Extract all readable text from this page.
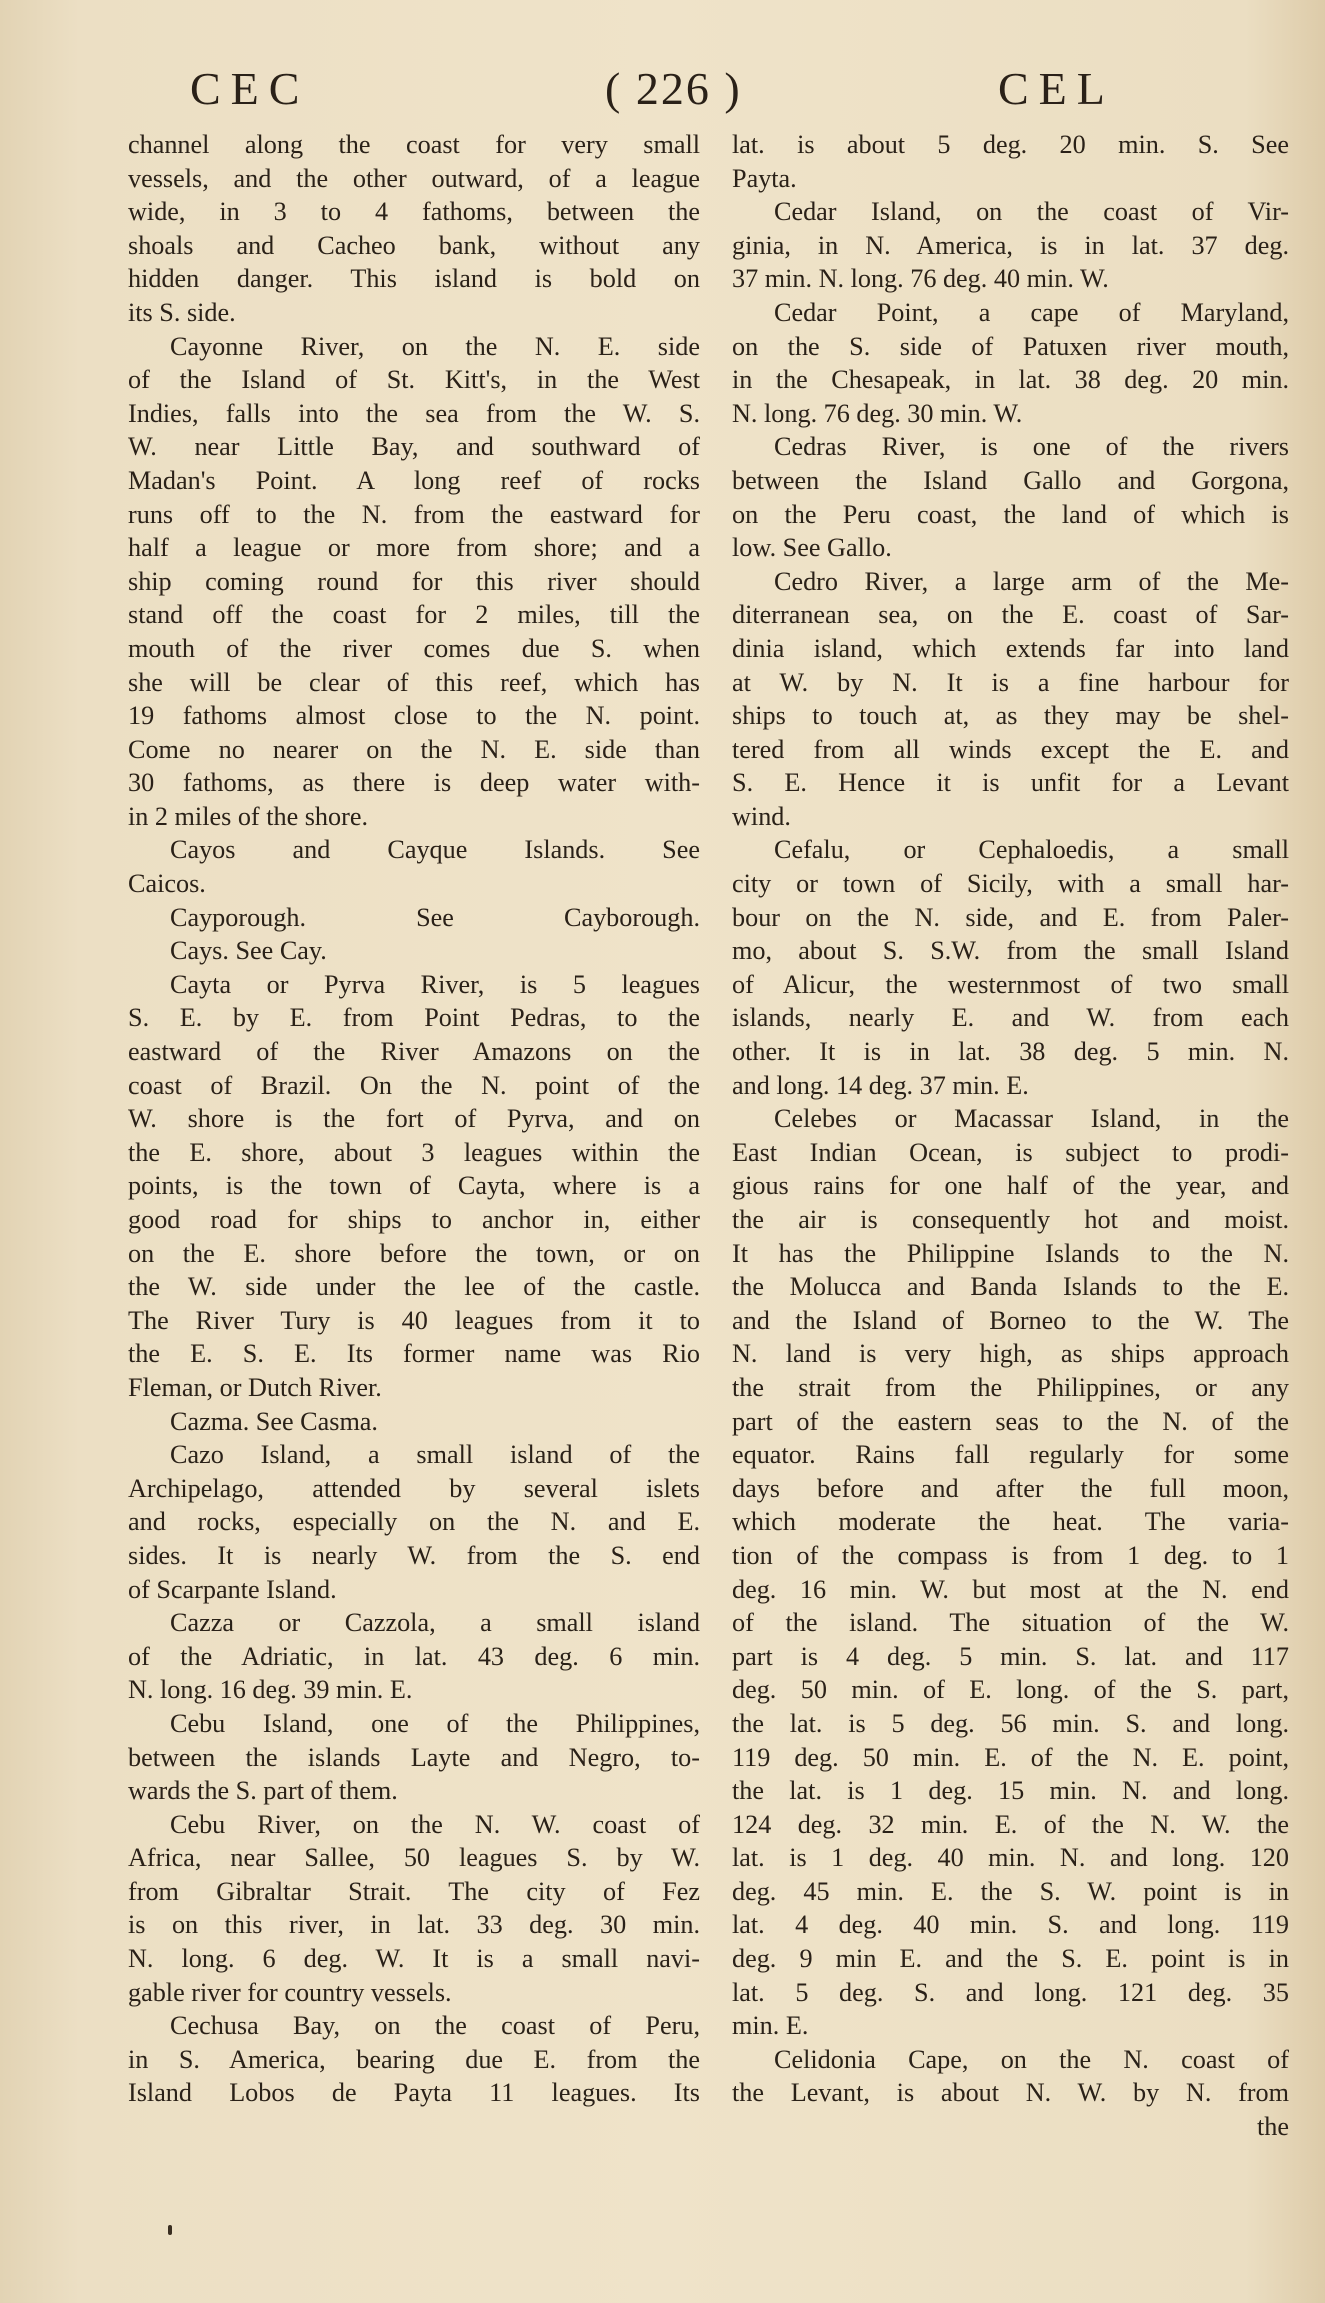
CEC	( 226 )	CEL
channel along the coast for very small
vessels, and the other outward, of a league
wide, in 3 to 4 fathoms, between the
shoals and Cacheo bank, without any
hidden danger. This island is bold on
its S. side.
Cayonne River, on the N. E. side
of the Island of St. Kitt's, in the West
Indies, falls into the sea from the W. S.
W. near Little Bay, and southward of
Madan's Point. A long reef of rocks
runs off to the N. from the eastward for
half a league or more from shore; and a
ship coming round for this river should
stand off the coast for 2 miles, till the
mouth of the river comes due S. when
she will be clear of this reef, which has
19 fathoms almost close to the N. point.
Come no nearer on the N. E. side than
30 fathoms, as there is deep water with-
in 2 miles of the shore.
Cayos and Cayque Islands. See
Caicos.
Cayporough. See Cayborough.
Cays. See Cay.
Cayta or Pyrva River, is 5 leagues
S. E. by E. from Point Pedras, to the
eastward of the River Amazons on the
coast of Brazil. On the N. point of the
W. shore is the fort of Pyrva, and on
the E. shore, about 3 leagues within the
points, is the town of Cayta, where is a
good road for ships to anchor in, either
on the E. shore before the town, or on
the W. side under the lee of the castle.
The River Tury is 40 leagues from it to
the E. S. E. Its former name was Rio
Fleman, or Dutch River.
Cazma. See Casma.
Cazo Island, a small island of the
Archipelago, attended by several islets
and rocks, especially on the N. and E.
sides. It is nearly W. from the S. end
of Scarpante Island.
Cazza or Cazzola, a small island
of the Adriatic, in lat. 43 deg. 6 min.
N. long. 16 deg. 39 min. E.
Cebu Island, one of the Philippines,
between the islands Layte and Negro, to-
wards the S. part of them.
Cebu River, on the N. W. coast of
Africa, near Sallee, 50 leagues S. by W.
from Gibraltar Strait. The city of Fez
is on this river, in lat. 33 deg. 30 min.
N. long. 6 deg. W. It is a small navi-
gable river for country vessels.
Cechusa Bay, on the coast of Peru,
in S. America, bearing due E. from the
Island Lobos de Payta 11 leagues. Its
lat. is about 5 deg. 20 min. S. See
Payta.
Cedar Island, on the coast of Vir-
ginia, in N. America, is in lat. 37 deg.
37 min. N. long. 76 deg. 40 min. W.
Cedar Point, a cape of Maryland,
on the S. side of Patuxen river mouth,
in the Chesapeak, in lat. 38 deg. 20 min.
N. long. 76 deg. 30 min. W.
Cedras River, is one of the rivers
between the Island Gallo and Gorgona,
on the Peru coast, the land of which is
low. See Gallo.
Cedro River, a large arm of the Me-
diterranean sea, on the E. coast of Sar-
dinia island, which extends far into land
at W. by N. It is a fine harbour for
ships to touch at, as they may be shel-
tered from all winds except the E. and
S. E. Hence it is unfit for a Levant
wind.
Cefalu, or Cephaloedis, a small
city or town of Sicily, with a small har-
bour on the N. side, and E. from Paler-
mo, about S. S.W. from the small Island
of Alicur, the westernmost of two small
islands, nearly E. and W. from each
other. It is in lat. 38 deg. 5 min. N.
and long. 14 deg. 37 min. E.
Celebes or Macassar Island, in the
East Indian Ocean, is subject to prodi-
gious rains for one half of the year, and
the air is consequently hot and moist.
It has the Philippine Islands to the N.
the Molucca and Banda Islands to the E.
and the Island of Borneo to the W. The
N. land is very high, as ships approach
the strait from the Philippines, or any
part of the eastern seas to the N. of the
equator. Rains fall regularly for some
days before and after the full moon,
which moderate the heat. The varia-
tion of the compass is from 1 deg. to 1
deg. 16 min. W. but most at the N. end
of the island. The situation of the W.
part is 4 deg. 5 min. S. lat. and 117
deg. 50 min. of E. long. of the S. part,
the lat. is 5 deg. 56 min. S. and long.
119 deg. 50 min. E. of the N. E. point,
the lat. is 1 deg. 15 min. N. and long.
124 deg. 32 min. E. of the N. W. the
lat. is 1 deg. 40 min. N. and long. 120
deg. 45 min. E. the S. W. point is in
lat. 4 deg. 40 min. S. and long. 119
deg. 9 min E. and the S. E. point is in
lat. 5 deg. S. and long. 121 deg. 35
min. E.
Celidonia Cape, on the N. coast of
the Levant, is about N. W. by N. from
the
